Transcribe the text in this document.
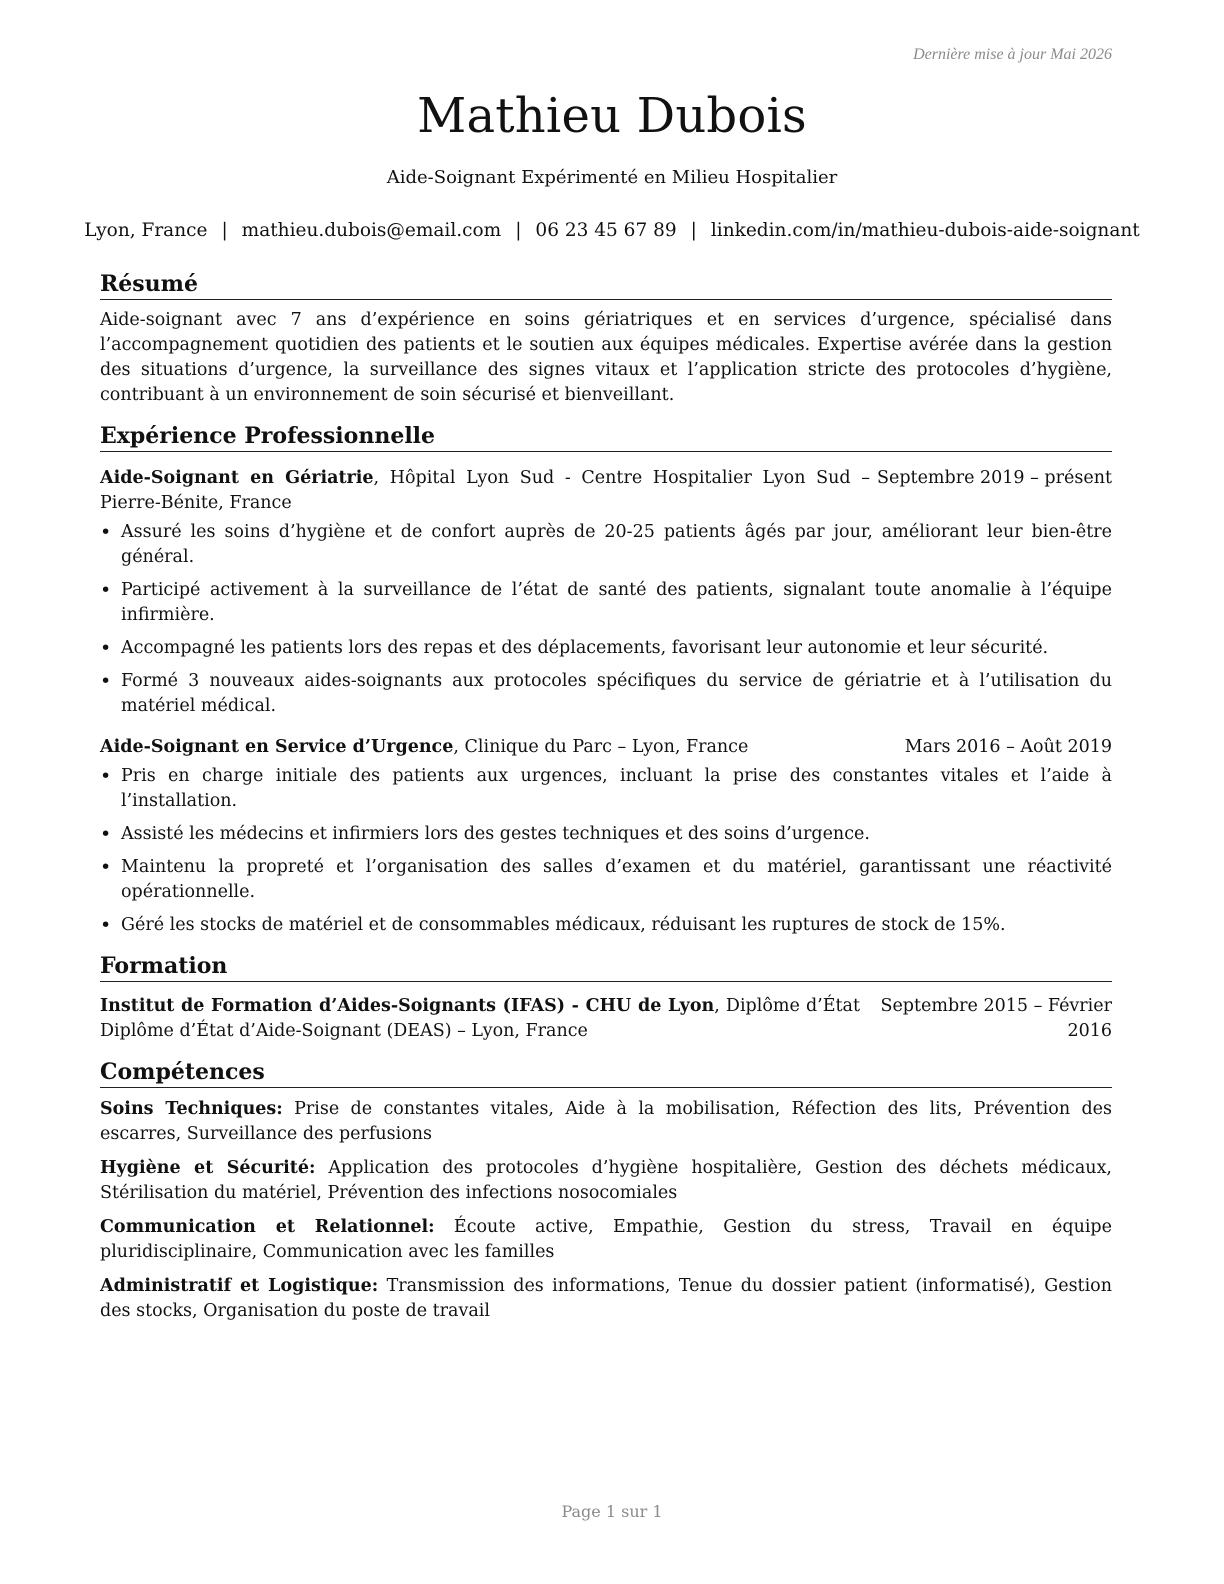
Dernière mise à jour Mai 2026
Mathieu Dubois
Aide-Soignant Expérimenté en Milieu Hospitalier
Lyon, France | mathieu.dubois@email.com | 06 23 45 67 89 | linkedin.com/in/mathieu-dubois-aide-soignant
Résumé

Aide-soignant avec 7 ans d’expérience en soins gériatriques et en services d’urgence, spécialisé dans l’accompagnement quotidien des patients et le soutien aux équipes médicales. Expertise avérée dans la gestion des situations d’urgence, la surveillance des signes vitaux et l’application stricte des protocoles d’hygiène, contribuant à un environnement de soin sécurisé et bienveillant.

Expérience Professionnelle
Aide-Soignant en Gériatrie, Hôpital Lyon Sud - Centre Hospitalier Lyon Sud – Pierre-Bénite, France
Septembre 2019 – présent
• Assuré les soins d’hygiène et de confort auprès de 20-25 patients âgés par jour, améliorant leur bien-être général.
• Participé activement à la surveillance de l’état de santé des patients, signalant toute anomalie à l’équipe infirmière.
• Accompagné les patients lors des repas et des déplacements, favorisant leur autonomie et leur sécurité.
• Formé 3 nouveaux aides-soignants aux protocoles spécifiques du service de gériatrie et à l’utilisation du matériel médical.
Aide-Soignant en Service d’Urgence, Clinique du Parc – Lyon, France	Mars 2016 – Août 2019
• Pris en charge initiale des patients aux urgences, incluant la prise des constantes vitales et l’aide à l’installation.
• Assisté les médecins et infirmiers lors des gestes techniques et des soins d’urgence.
• Maintenu la propreté et l’organisation des salles d’examen et du matériel, garantissant une réactivité opérationnelle.
• Géré les stocks de matériel et de consommables médicaux, réduisant les ruptures de stock de 15%.
Formation
Institut de Formation d’Aides-Soignants (IFAS) - CHU de Lyon, Diplôme d’État Diplôme d’État d’Aide-Soignant (DEAS) – Lyon, France
Septembre 2015 – Février 2016
Compétences
Soins Techniques: Prise de constantes vitales, Aide à la mobilisation, Réfection des lits, Prévention des escarres, Surveillance des perfusions
Hygiène et Sécurité: Application des protocoles d’hygiène hospitalière, Gestion des déchets médicaux, Stérilisation du matériel, Prévention des infections nosocomiales
Communication et Relationnel: Écoute active, Empathie, Gestion du stress, Travail en équipe pluridisciplinaire, Communication avec les familles
Administratif et Logistique: Transmission des informations, Tenue du dossier patient (informatisé), Gestion des stocks, Organisation du poste de travail
Page 1 sur 1
